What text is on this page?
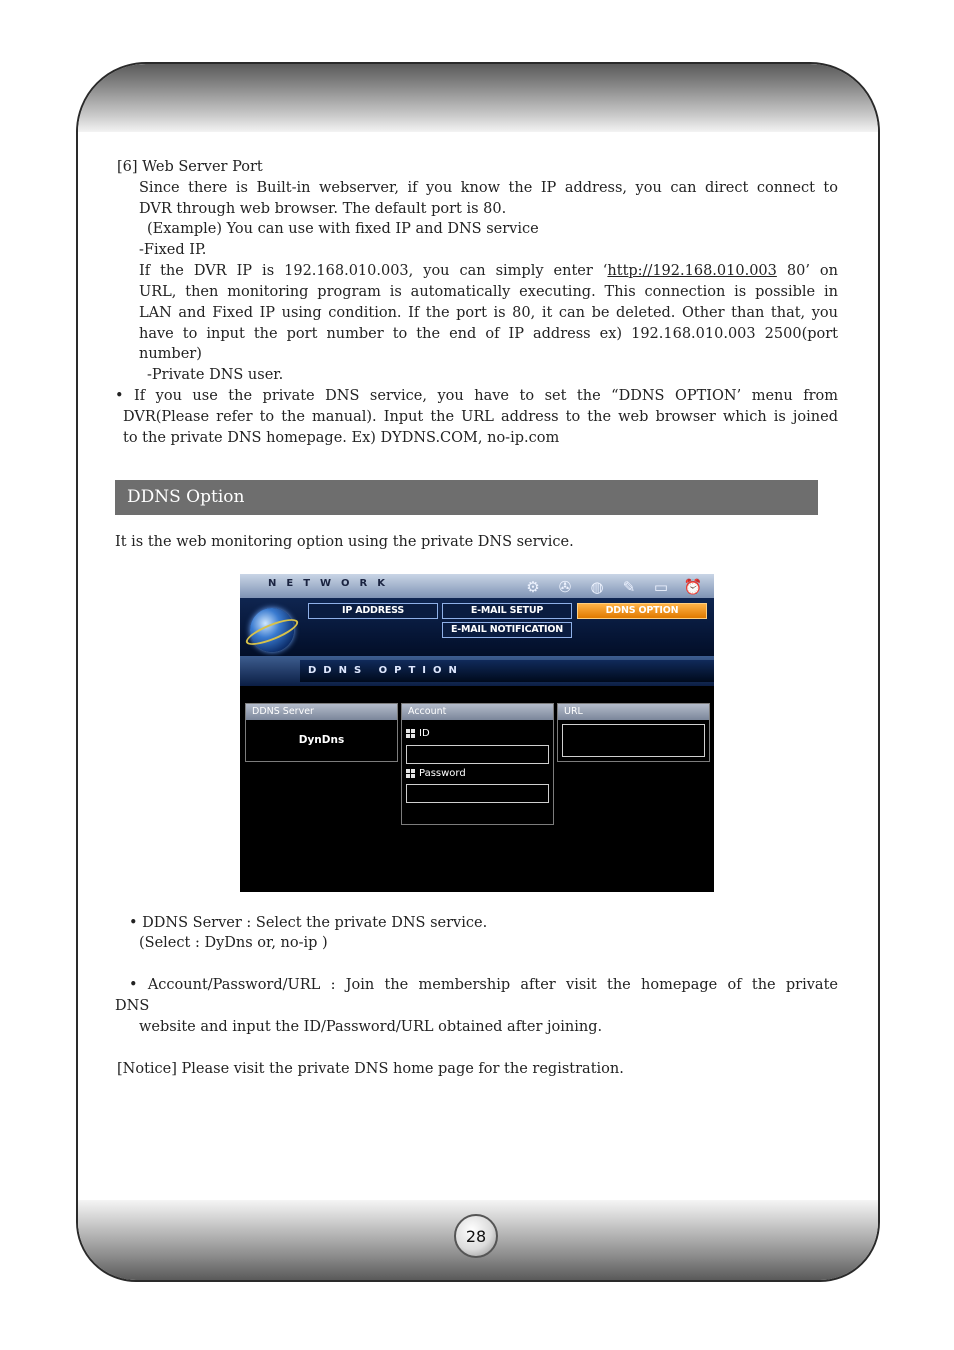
[6] Web Server Port
Since there is Built-in webserver, if you know the IP address, you can direct connect to
DVR through web browser. The default port is 80.
(Example) You can use with fixed IP and DNS service
-Fixed IP.
If the DVR IP is 192.168.010.003, you can simply enter ‘http://192.168.010.003 80’ on
URL, then monitoring program is automatically executing. This connection is possible in
LAN and Fixed IP using condition. If the port is 80, it can be deleted. Other than that, you
have to input the port number to the end of IP address ex) 192.168.010.003 2500(port
number)
-Private DNS user.
• If you use the private DNS service, you have to set the “DDNS OPTION’ menu from
DVR(Please refer to the manual). Input the URL address to the web browser which is joined
to the private DNS homepage. Ex) DYDNS.COM, no-ip.com
DDNS Option
It is the web monitoring option using the private DNS service.
NETWORK	⚙	✇	◍	✎	▭ ⏰
IP ADDRESS	E-MAIL SETUP	DDNS OPTION
E-MAIL NOTIFICATION
DDNS OPTION
DDNS Server
DynDns
Account
ID
Password
URL
• DDNS Server : Select the private DNS service.
(Select : DyDns or, no-ip )
• Account/Password/URL : Join the membership after visit the homepage of the private
DNS
website and input the ID/Password/URL obtained after joining.
[Notice] Please visit the private DNS home page for the registration.
28
